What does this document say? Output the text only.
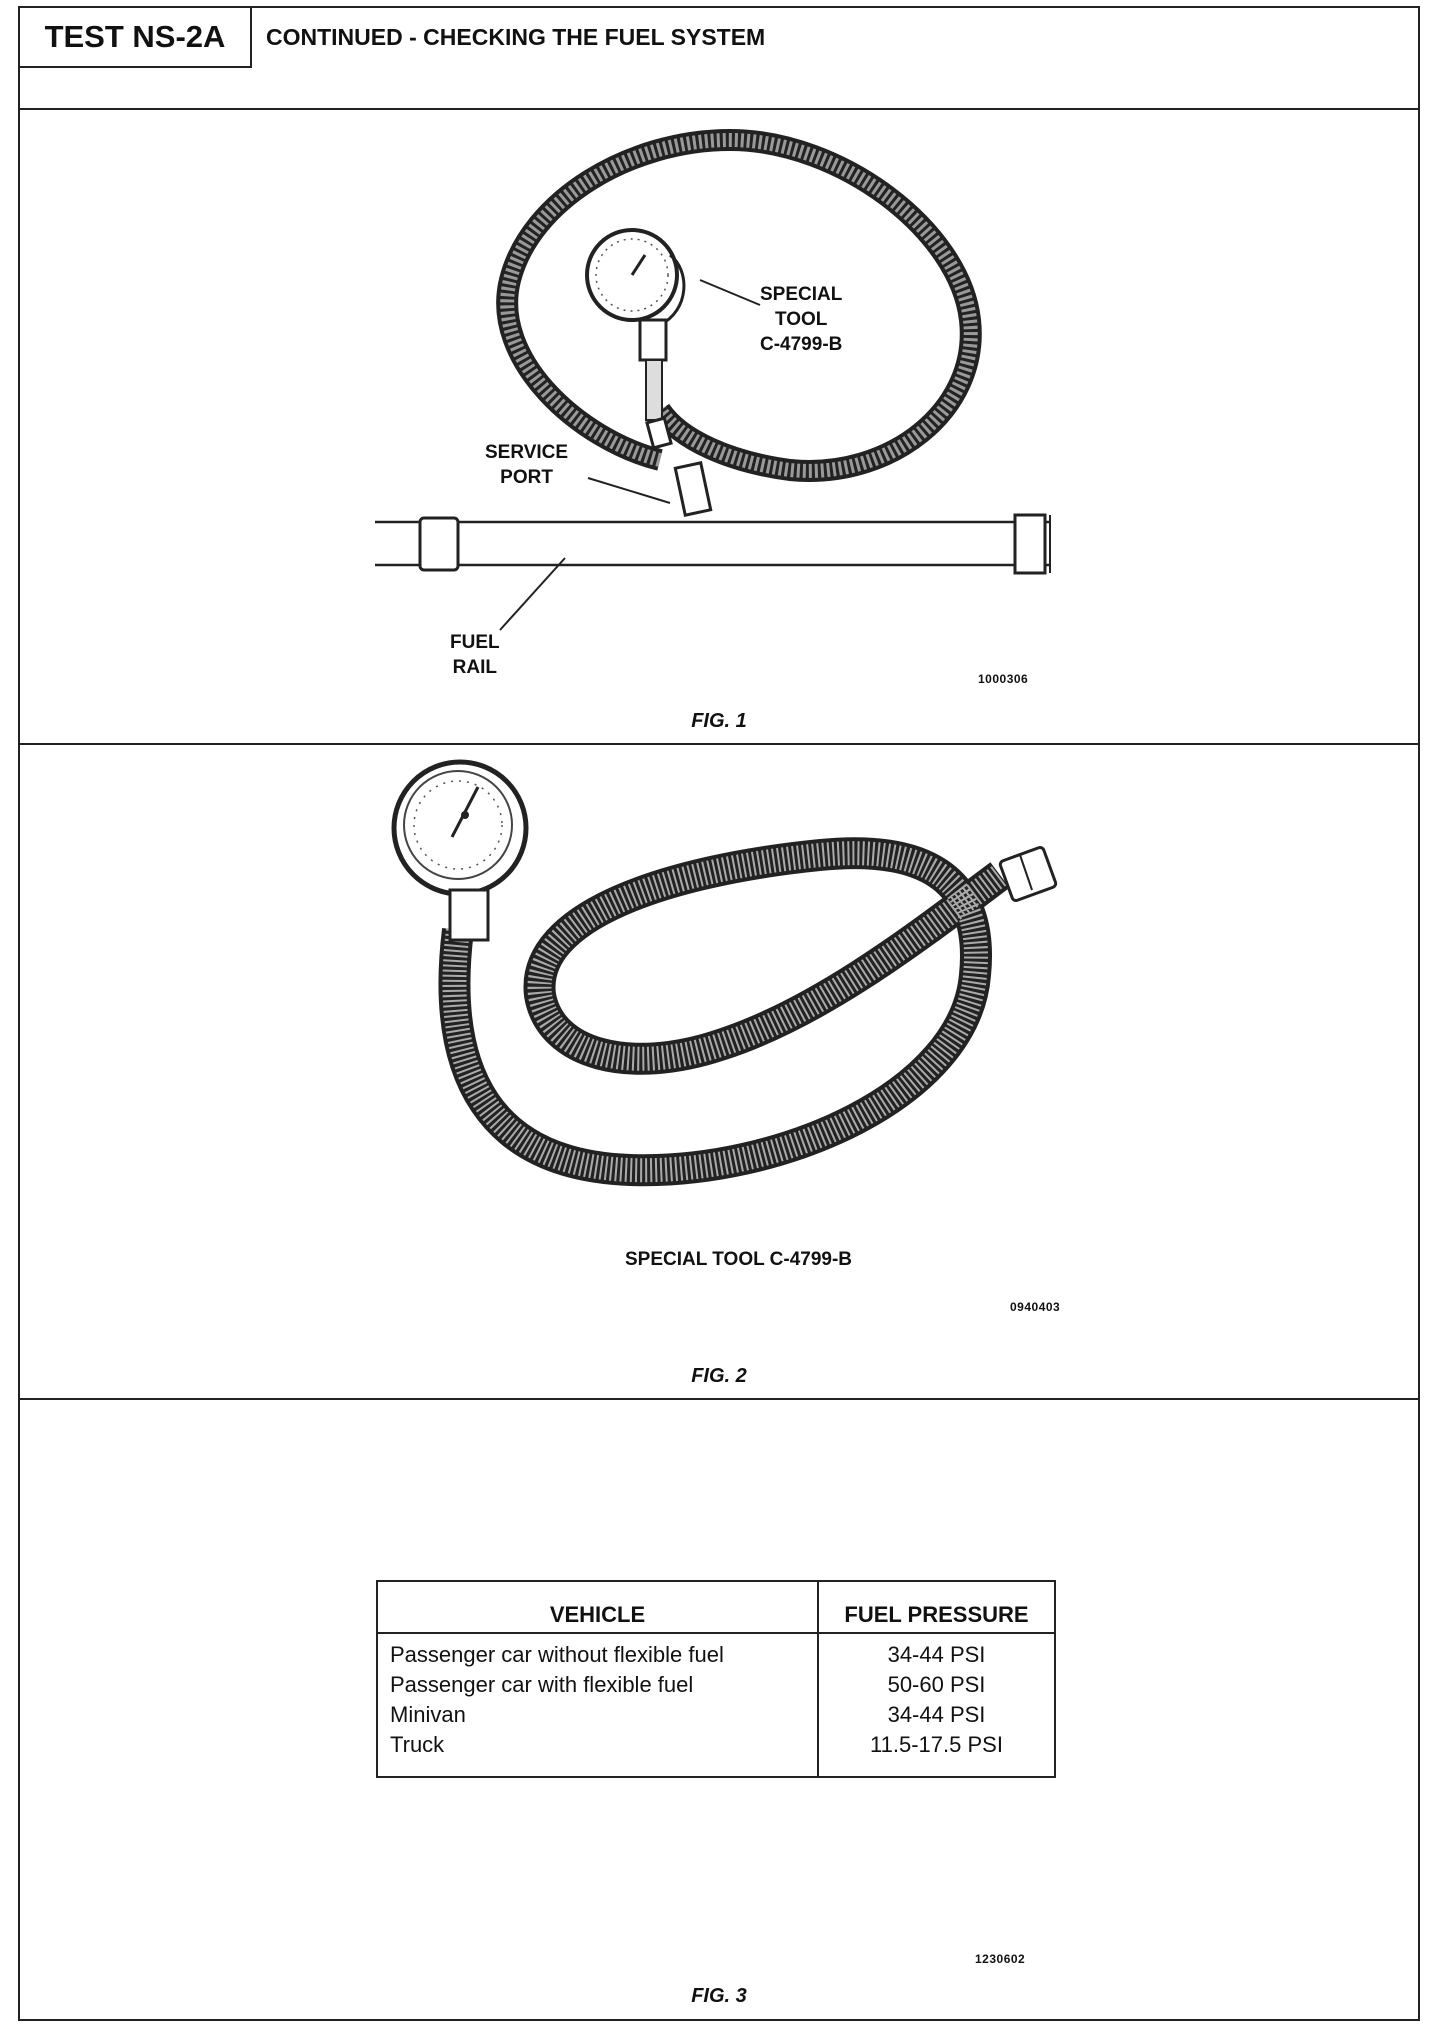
TEST NS-2A	CONTINUED - CHECKING THE FUEL SYSTEM
SPECIAL
TOOL
C-4799-B
SERVICE
PORT
FUEL
RAIL
1000306
FIG. 1
SPECIAL TOOL C-4799-B
0940403
FIG. 2
VEHICLE	FUEL PRESSURE
Passenger car without flexible fuel	34-44 PSI
Passenger car with flexible fuel	50-60 PSI
Minivan	34-44 PSI
Truck	11.5-17.5 PSI
1230602
FIG. 3
